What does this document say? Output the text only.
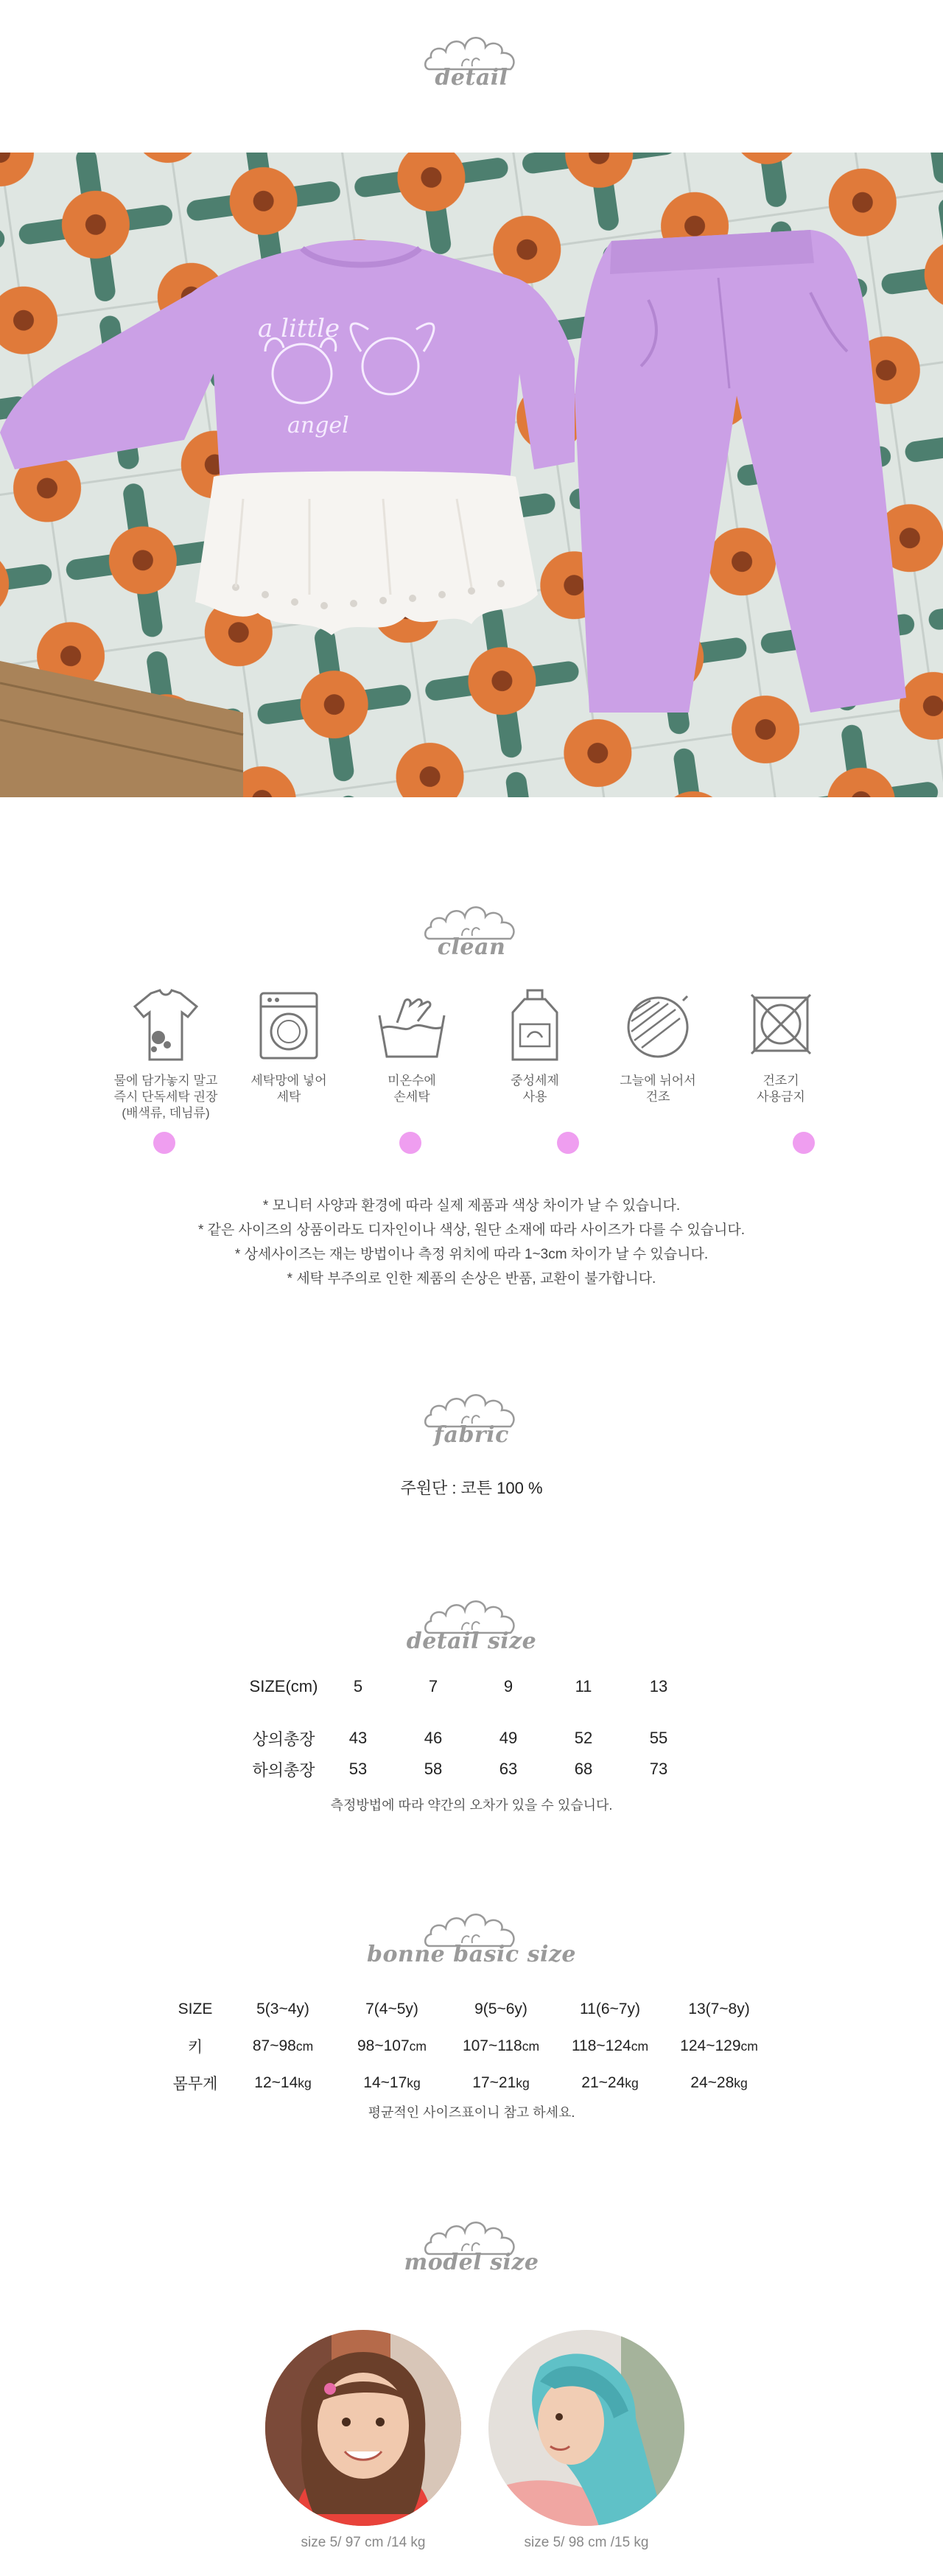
detail
a little
angel
clean
물에 담가놓지 말고
즉시 단독세탁 권장
(배색류, 데님류)
세탁망에 넣어
세탁
미온수에
손세탁
중성세제
사용
그늘에 뉘어서
건조
건조기
사용금지
* 모니터 사양과 환경에 따라 실제 제품과 색상 차이가 날 수 있습니다.
* 같은 사이즈의 상품이라도 디자인이나 색상, 원단 소재에 따라 사이즈가 다를 수 있습니다.
* 상세사이즈는 재는 방법이나 측정 위치에 따라 1~3cm 차이가 날 수 있습니다.
* 세탁 부주의로 인한 제품의 손상은 반품, 교환이 불가합니다.
fabric
주원단 : 코튼 100 %
detail size
SIZE(cm)	5	7	9	11	13
상의총장	43	46	49	52	55
하의총장	53	58	63	68	73
측정방법에 따라 약간의 오차가 있을 수 있습니다.
bonne basic size
SIZE	5(3~4y)	7(4~5y)	9(5~6y)	11(6~7y)	13(7~8y)
키	87~98cm	98~107cm	107~118cm	118~124cm	124~129cm
몸무게	12~14kg	14~17kg	17~21kg	21~24kg	24~28kg
평균적인 사이즈표이니 참고 하세요.
model size
size 5/ 97 cm /14 kg	size 5/ 98 cm /15 kg
